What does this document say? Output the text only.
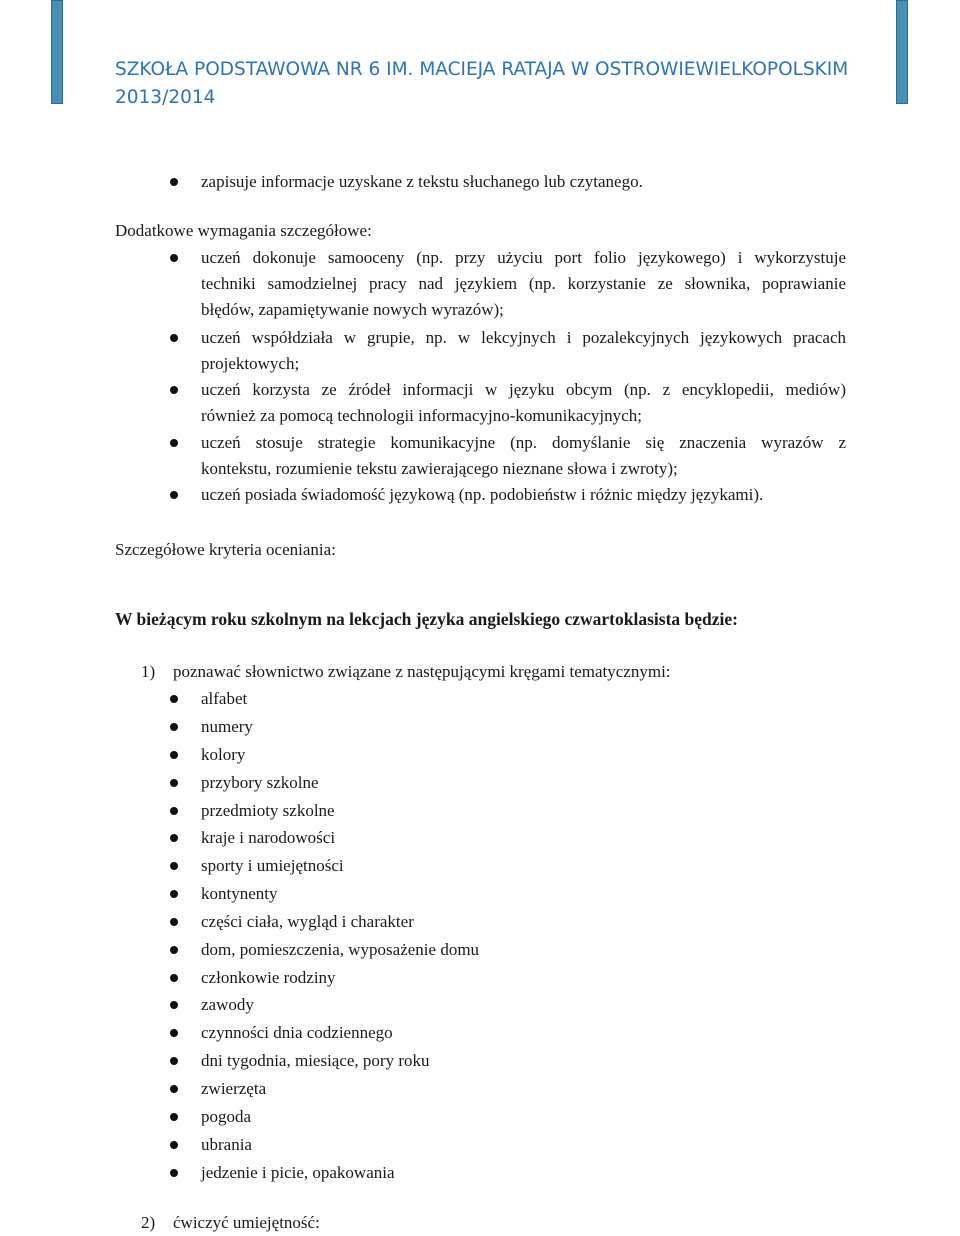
SZKOŁA PODSTAWOWA NR 6 IM. MACIEJA RATAJA W OSTROWIEWIELKOPOLSKIM
2013/2014
zapisuje informacje uzyskane z tekstu słuchanego lub czytanego.
Dodatkowe wymagania szczegółowe:
uczeń dokonuje samooceny (np. przy użyciu port folio językowego) i wykorzystuje
techniki samodzielnej pracy nad językiem (np. korzystanie ze słownika, poprawianie
błędów, zapamiętywanie nowych wyrazów);
uczeń współdziała w grupie, np. w lekcyjnych i pozalekcyjnych językowych pracach
projektowych;
uczeń korzysta ze źródeł informacji w języku obcym (np. z encyklopedii, mediów)
również za pomocą technologii informacyjno-komunikacyjnych;
uczeń stosuje strategie komunikacyjne (np. domyślanie się znaczenia wyrazów z
kontekstu, rozumienie tekstu zawierającego nieznane słowa i zwroty);
uczeń posiada świadomość językową (np. podobieństw i różnic między językami).
Szczegółowe kryteria oceniania:
W bieżącym roku szkolnym na lekcjach języka angielskiego czwartoklasista będzie:
1) poznawać słownictwo związane z następującymi kręgami tematycznymi:
alfabet
numery
kolory
przybory szkolne
przedmioty szkolne
kraje i narodowości
sporty i umiejętności
kontynenty
części ciała, wygląd i charakter
dom, pomieszczenia, wyposażenie domu
członkowie rodziny
zawody
czynności dnia codziennego
dni tygodnia, miesiące, pory roku
zwierzęta
pogoda
ubrania
jedzenie i picie, opakowania
2) ćwiczyć umiejętność:
